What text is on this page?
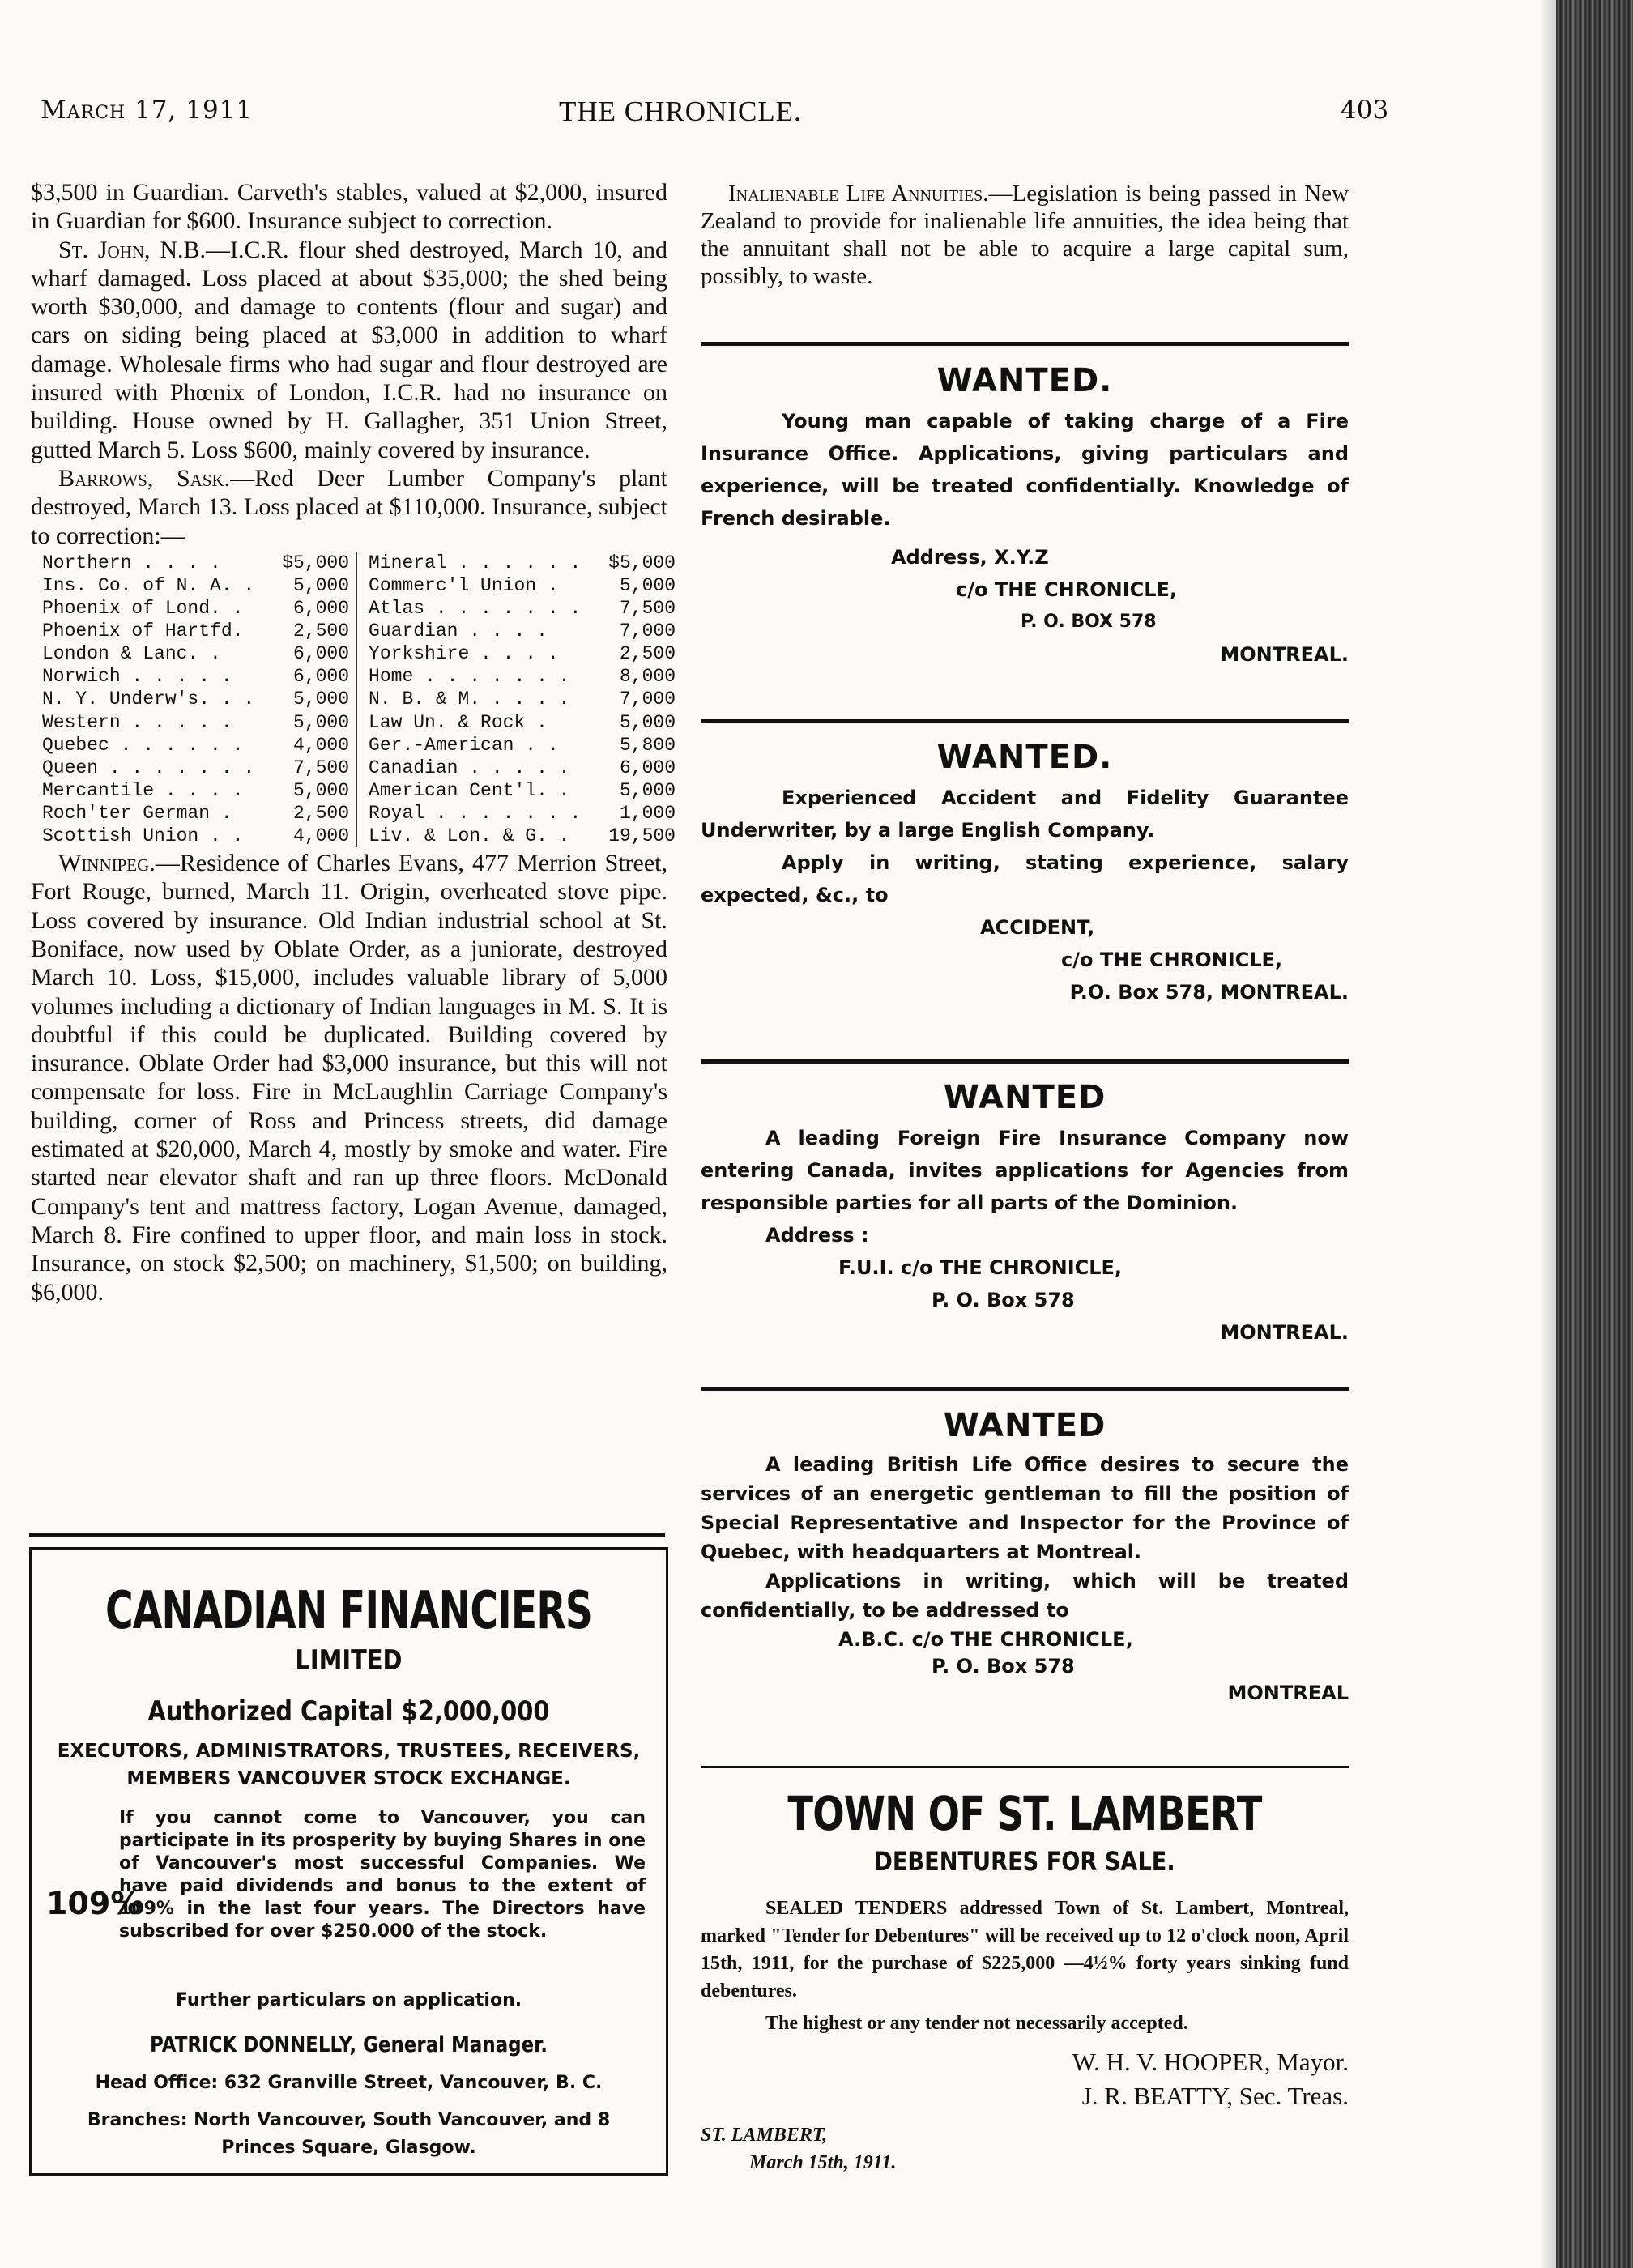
March 17, 1911	THE CHRONICLE.	403

$3,500 in Guardian. Carveth's stables, valued at $2,000, insured in Guardian for $600. Insurance subject to correction.

St. John, N.B.—I.C.R. flour shed destroyed, March 10, and wharf damaged. Loss placed at about $35,000; the shed being worth $30,000, and damage to contents (flour and sugar) and cars on siding being placed at $3,000 in addition to wharf damage. Wholesale firms who had sugar and flour destroyed are insured with Phœnix of London, I.C.R. had no insurance on building. House owned by H. Gallagher, 351 Union Street, gutted March 5. Loss $600, mainly covered by insurance.

Barrows, Sask.—Red Deer Lumber Company's plant destroyed, March 13. Loss placed at $110,000. Insurance, subject to correction:—

Northern . . . .	$5,000		Mineral . . . . . .	$5,000
Ins. Co. of N. A. .	5,000		Commerc'l Union .	5,000
Phoenix of Lond. .	6,000		Atlas . . . . . . .	7,500
Phoenix of Hartfd.	2,500		Guardian . . . .	7,000
London & Lanc. .	6,000		Yorkshire . . . .	2,500
Norwich . . . . .	6,000		Home . . . . . . .	8,000
N. Y. Underw's. . .	5,000		N. B. & M. . . . .	7,000
Western . . . . .	5,000		Law Un. & Rock .	5,000
Quebec . . . . . .	4,000		Ger.-American . .	5,800
Queen . . . . . . .	7,500		Canadian . . . . .	6,000
Mercantile . . . .	5,000		American Cent'l. .	5,000
Roch'ter German .	2,500		Royal . . . . . . .	1,000
Scottish Union . .	4,000		Liv. & Lon. & G. .	19,500

Winnipeg.—Residence of Charles Evans, 477 Merrion Street, Fort Rouge, burned, March 11. Origin, overheated stove pipe. Loss covered by insurance. Old Indian industrial school at St. Boniface, now used by Oblate Order, as a juniorate, destroyed March 10. Loss, $15,000, includes valuable library of 5,000 volumes including a dictionary of Indian languages in M. S. It is doubtful if this could be duplicated. Building covered by insurance. Oblate Order had $3,000 insurance, but this will not compensate for loss. Fire in McLaughlin Carriage Company's building, corner of Ross and Princess streets, did damage estimated at $20,000, March 4, mostly by smoke and water. Fire started near elevator shaft and ran up three floors. McDonald Company's tent and mattress factory, Logan Avenue, damaged, March 8. Fire confined to upper floor, and main loss in stock. Insurance, on stock $2,500; on machinery, $1,500; on building, $6,000.

CANADIAN FINANCIERS
LIMITED
Authorized Capital $2,000,000
EXECUTORS, ADMINISTRATORS, TRUSTEES, RECEIVERS,
MEMBERS VANCOUVER STOCK EXCHANGE.
109%
If you cannot come to Vancouver, you can participate in its prosperity by buying Shares in one of Vancouver's most successful Companies. We have paid dividends and bonus to the extent of 109% in the last four years. The Directors have subscribed for over $250.000 of the stock.
Further particulars on application.
PATRICK DONNELLY, General Manager.
Head Office: 632 Granville Street, Vancouver, B. C.
Branches: North Vancouver, South Vancouver, and 8 Princes Square, Glasgow.
Inalienable Life Annuities.—Legislation is being passed in New Zealand to provide for inalienable life annuities, the idea being that the annuitant shall not be able to acquire a large capital sum, possibly, to waste.
WANTED.

Young man capable of taking charge of a Fire Insurance Office. Applications, giving particulars and experience, will be treated confidentially. Knowledge of French desirable.

Address, X.Y.Z

c/o THE CHRONICLE,

P. O. BOX 578

MONTREAL.

WANTED.

Experienced Accident and Fidelity Guarantee Underwriter, by a large English Company.

Apply in writing, stating experience, salary expected, &c., to

ACCIDENT,

c/o THE CHRONICLE,

P.O. Box 578, MONTREAL.

WANTED

A leading Foreign Fire Insurance Company now entering Canada, invites applications for Agencies from responsible parties for all parts of the Dominion.

Address :

F.U.I. c/o THE CHRONICLE,

P. O. Box 578

MONTREAL.

WANTED

A leading British Life Office desires to secure the services of an energetic gentleman to fill the position of Special Representative and Inspector for the Province of Quebec, with headquarters at Montreal.

Applications in writing, which will be treated confidentially, to be addressed to

A.B.C. c/o THE CHRONICLE,

P. O. Box 578

MONTREAL

TOWN OF ST. LAMBERT
DEBENTURES FOR SALE.

SEALED TENDERS addressed Town of St. Lambert, Montreal, marked "Tender for Debentures" will be received up to 12 o'clock noon, April 15th, 1911, for the purchase of $225,000 —4½% forty years sinking fund debentures.

The highest or any tender not necessarily accepted.

W. H. V. HOOPER, Mayor.

J. R. BEATTY, Sec. Treas.

ST. LAMBERT,

March 15th, 1911.
